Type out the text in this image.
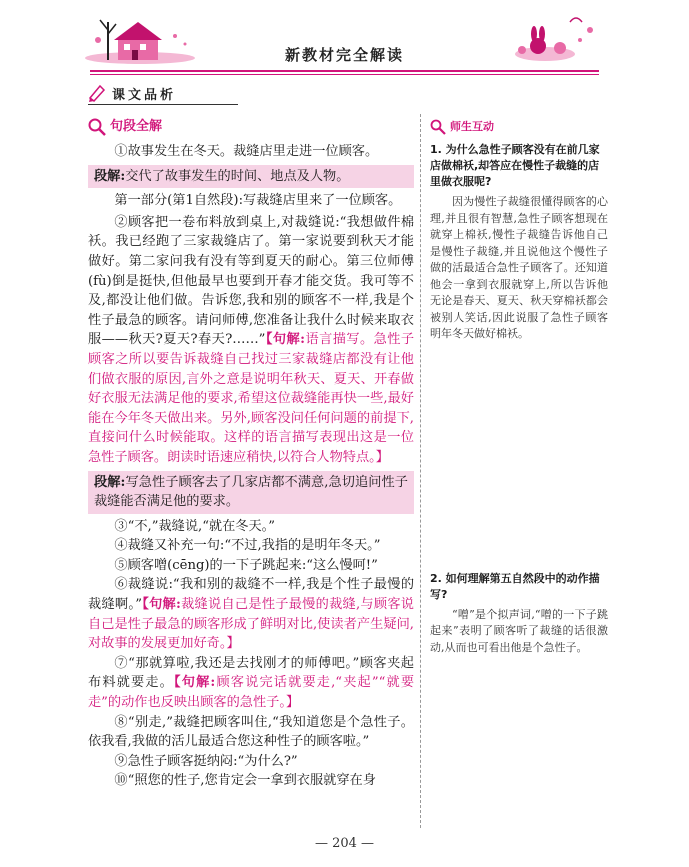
新教材完全解读
课文品析
句段全解

①故事发生在冬天。裁缝店里走进一位顾客。

段解:交代了故事发生的时间、地点及人物。

第一部分(第1自然段):写裁缝店里来了一位顾客。

②顾客把一卷布料放到桌上,对裁缝说:“我想做件棉袄。我已经跑了三家裁缝店了。第一家说要到秋天才能做好。第二家问我有没有等到夏天的耐心。第三位师傅(fù)倒是挺快,但他最早也要到开春才能交货。我可等不及,都没让他们做。告诉您,我和别的顾客不一样,我是个性子最急的顾客。请问师傅,您准备让我什么时候来取衣服——秋天?夏天?春天?……”【句解:语言描写。急性子顾客之所以要告诉裁缝自己找过三家裁缝店都没有让他们做衣服的原因,言外之意是说明年秋天、夏天、开春做好衣服无法满足他的要求,希望这位裁缝能再快一些,最好能在今年冬天做出来。另外,顾客没问任何问题的前提下,直接问什么时候能取。这样的语言描写表现出这是一位急性子顾客。朗读时语速应稍快,以符合人物特点。】

段解:写急性子顾客去了几家店都不满意,急切追问性子裁缝能否满足他的要求。

③“不,”裁缝说,“就在冬天。”

④裁缝又补充一句:“不过,我指的是明年冬天。”

⑤顾客噌(cēng)的一下子跳起来:“这么慢呵!”

⑥裁缝说:“我和别的裁缝不一样,我是个性子最慢的裁缝啊。”【句解:裁缝说自己是性子最慢的裁缝,与顾客说自己是性子最急的顾客形成了鲜明对比,使读者产生疑问,对故事的发展更加好奇。】

⑦“那就算啦,我还是去找刚才的师傅吧。”顾客夹起布料就要走。【句解:顾客说完话就要走,“夹起”“就要走”的动作也反映出顾客的急性子。】

⑧“别走,”裁缝把顾客叫住,“我知道您是个急性子。依我看,我做的活儿最适合您这种性子的顾客啦。”

⑨急性子顾客挺纳闷:“为什么?”

⑩“照您的性子,您肯定会一拿到衣服就穿在身

师生互动

1. 为什么急性子顾客没有在前几家店做棉袄,却答应在慢性子裁缝的店里做衣服呢?

因为慢性子裁缝很懂得顾客的心理,并且很有智慧,急性子顾客想现在就穿上棉袄,慢性子裁缝告诉他自己是慢性子裁缝,并且说他这个慢性子做的活最适合急性子顾客了。还知道他会一拿到衣服就穿上,所以告诉他无论是春天、夏天、秋天穿棉袄都会被别人笑话,因此说服了急性子顾客明年冬天做好棉袄。

2. 如何理解第五自然段中的动作描写?

“噌”是个拟声词,“噌的一下子跳起来”表明了顾客听了裁缝的话很激动,从而也可看出他是个急性子。

— 204 —
